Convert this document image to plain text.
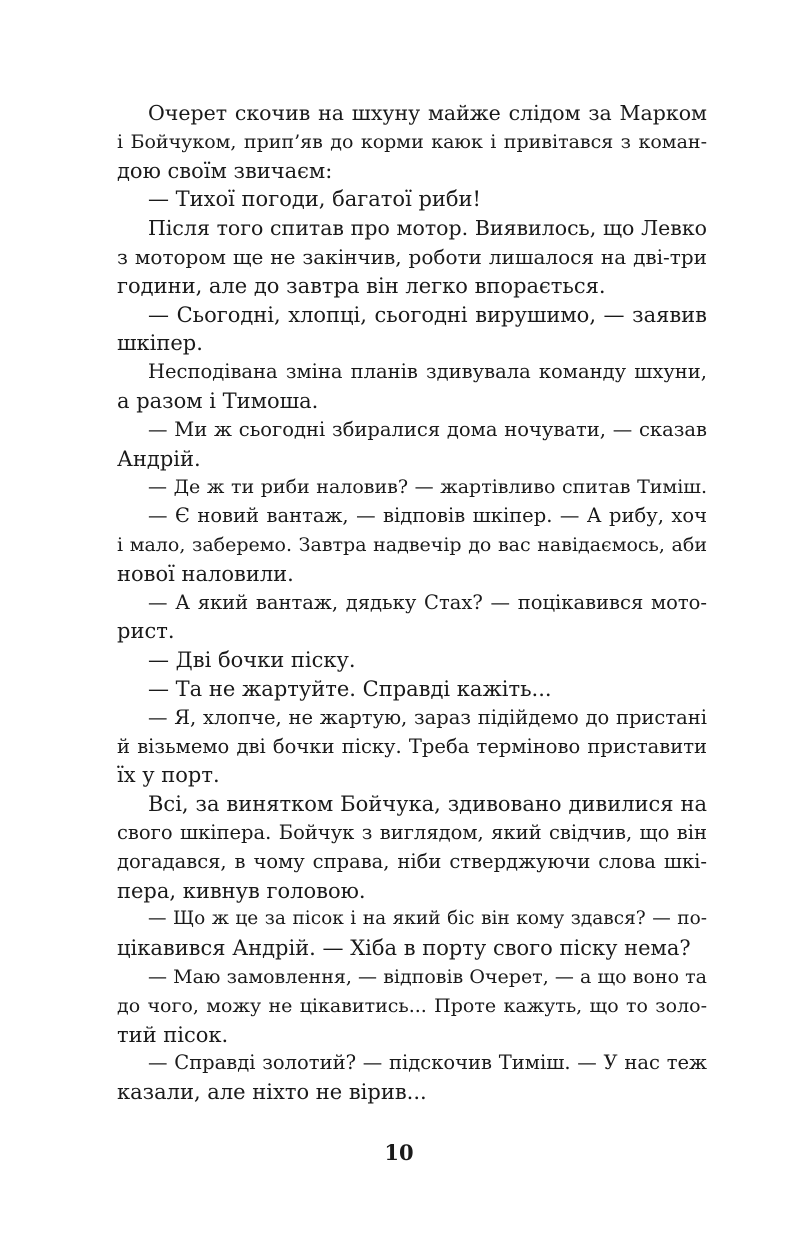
Очерет скочив на шхуну майже слідом за Марком
і Бойчуком, прип’яв до корми каюк і привітався з коман-
дою своїм звичаєм:
— Тихої погоди, багатої риби!
Після того спитав про мотор. Виявилось, що Левко
з мотором ще не закінчив, роботи лишалося на дві-три
години, але до завтра він легко впорається.
— Сьогодні, хлопці, сьогодні вирушимо, — заявив
шкіпер.
Несподівана зміна планів здивувала команду шхуни,
а разом і Тимоша.
— Ми ж сьогодні збиралися дома ночувати, — сказав
Андрій.
— Де ж ти риби наловив? — жартівливо спитав Тиміш.
— Є новий вантаж, — відповів шкіпер. — А рибу, хоч
і мало, заберемо. Завтра надвечір до вас навідаємось, аби
нової наловили.
— А який вантаж, дядьку Стах? — поцікавився мото-
рист.
— Дві бочки піску.
— Та не жартуйте. Справді кажіть...
— Я, хлопче, не жартую, зараз підійдемо до пристані
й візьмемо дві бочки піску. Треба терміново приставити
їх у порт.
Всі, за винятком Бойчука, здивовано дивилися на
свого шкіпера. Бойчук з виглядом, який свідчив, що він
догадався, в чому справа, ніби стверджуючи слова шкі-
пера, кивнув головою.
— Що ж це за пісок і на який біс він кому здався? — по-
цікавився Андрій. — Хіба в порту свого піску нема?
— Маю замовлення, — відповів Очерет, — а що воно та
до чого, можу не цікавитись... Проте кажуть, що то золо-
тий пісок.
— Справді золотий? — підскочив Тиміш. — У нас теж
казали, але ніхто не вірив...
10
